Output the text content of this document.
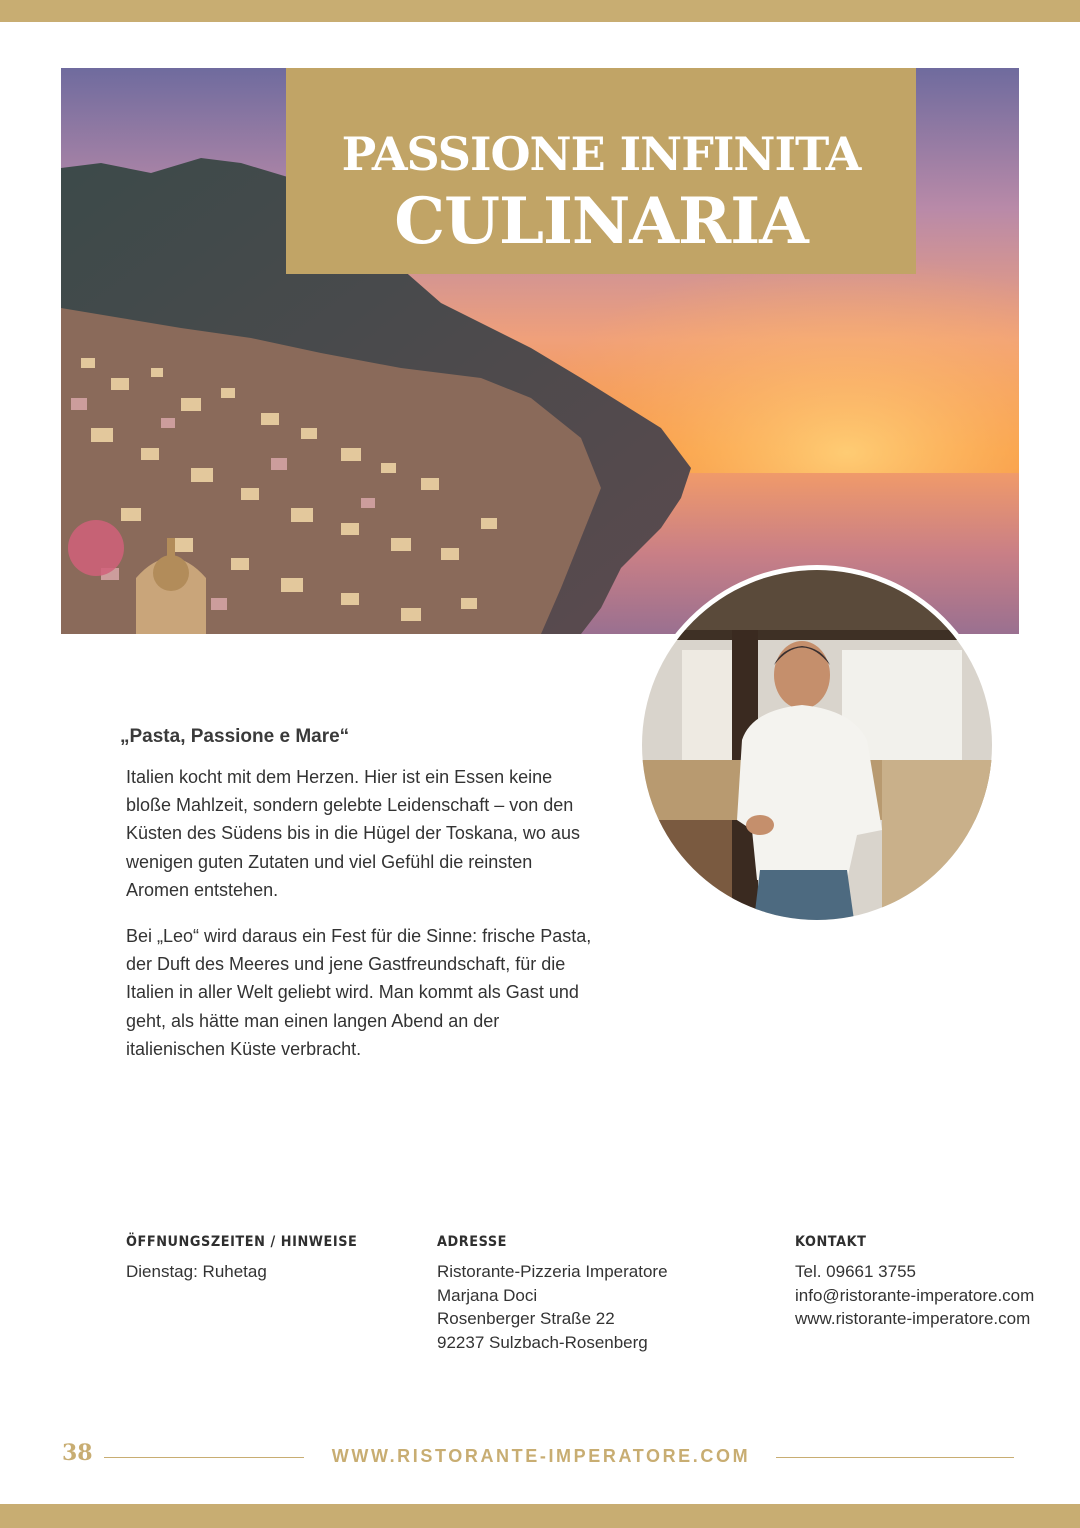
PASSIONE INFINITA
CULINARIA
„Pasta, Passione e Mare“

Italien kocht mit dem Herzen. Hier ist ein Essen keine bloße Mahlzeit, sondern gelebte Leidenschaft – von den Küsten des Südens bis in die Hügel der Toskana, wo aus wenigen guten Zutaten und viel Gefühl die reinsten Aromen entstehen.

Bei „Leo“ wird daraus ein Fest für die Sinne: frische Pasta, der Duft des Meeres und jene Gastfreundschaft, für die Italien in aller Welt geliebt wird. Man kommt als Gast und geht, als hätte man einen langen Abend an der italienischen Küste verbracht.

ÖFFNUNGSZEITEN / HINWEISE
Dienstag: Ruhetag
ADRESSE
Ristorante-Pizzeria Imperatore
Marjana Doci
Rosenberger Straße 22
92237 Sulzbach-Rosenberg
KONTAKT
Tel. 09661 3755
info@ristorante-imperatore.com
www.ristorante-imperatore.com
38	WWW.RISTORANTE-IMPERATORE.COM
